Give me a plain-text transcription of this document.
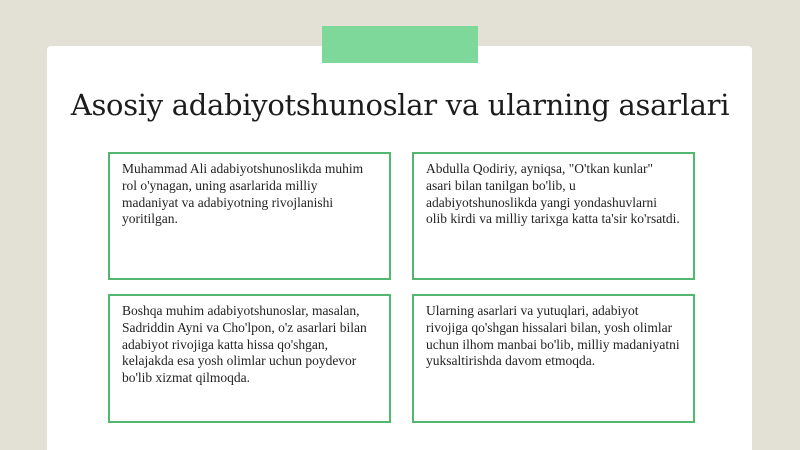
Asosiy adabiyotshunoslar va ularning asarlari
Muhammad Ali adabiyotshunoslikda muhim rol o'ynagan, uning asarlarida milliy madaniyat va adabiyotning rivojlanishi yoritilgan.
Abdulla Qodiriy, ayniqsa, "O'tkan kunlar" asari bilan tanilgan bo'lib, u adabiyotshunoslikda yangi yondashuvlarni olib kirdi va milliy tarixga katta ta'sir ko'rsatdi.
Boshqa muhim adabiyotshunoslar, masalan, Sadriddin Ayni va Cho'lpon, o'z asarlari bilan adabiyot rivojiga katta hissa qo'shgan, kelajakda esa yosh olimlar uchun poydevor bo'lib xizmat qilmoqda.
Ularning asarlari va yutuqlari, adabiyot rivojiga qo'shgan hissalari bilan, yosh olimlar uchun ilhom manbai bo'lib, milliy madaniyatni yuksaltirishda davom etmoqda.
